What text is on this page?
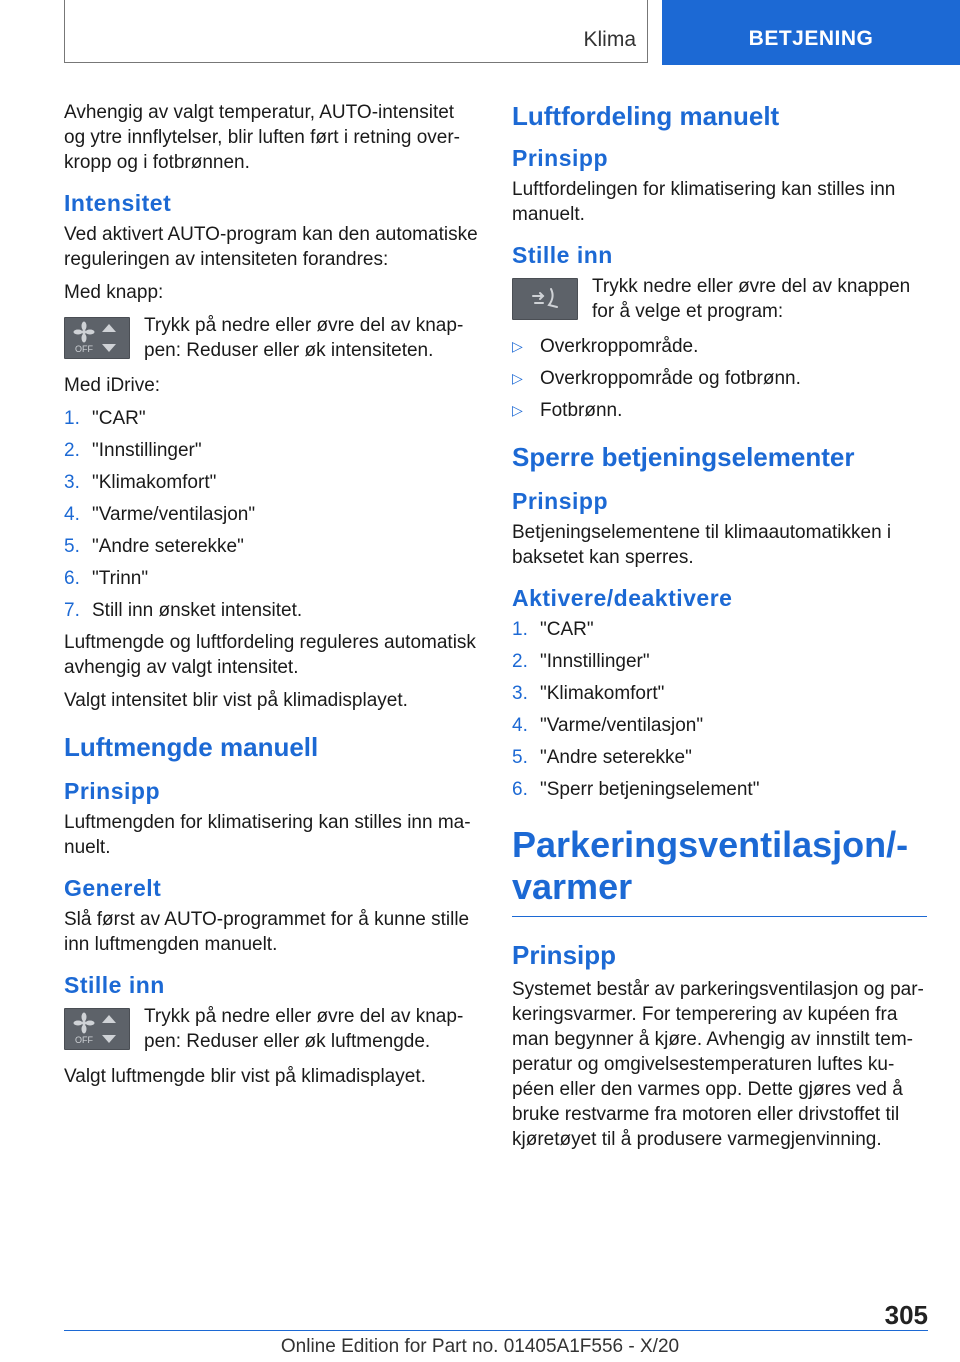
Klima	BETJENING

Avhengig av valgt temperatur, AUTO-intensitet og ytre innflytelser, blir luften ført i retning overkropp og i fotbrønnen.

Intensitet

Ved aktivert AUTO-program kan den automatiske reguleringen av intensiteten forandres:

Med knapp:

OFF
Trykk på nedre eller øvre del av knappen: Reduser eller øk intensiteten.

Med iDrive:

1. "CAR"
2. "Innstillinger"
3. "Klimakomfort"
4. "Varme/ventilasjon"
5. "Andre seterekke"
6. "Trinn"
7. Still inn ønsket intensitet.

Luftmengde og luftfordeling reguleres automatisk avhengig av valgt intensitet.

Valgt intensitet blir vist på klimadisplayet.

Luftmengde manuell
Prinsipp

Luftmengden for klimatisering kan stilles inn manuelt.

Generelt

Slå først av AUTO-programmet for å kunne stille inn luftmengden manuelt.

Stille inn
OFF
Trykk på nedre eller øvre del av knappen: Reduser eller øk luftmengde.

Valgt luftmengde blir vist på klimadisplayet.

Luftfordeling manuelt
Prinsipp

Luftfordelingen for klimatisering kan stilles inn manuelt.

Stille inn
Trykk nedre eller øvre del av knappen for å velge et program:
▷ Overkroppområde.
▷ Overkroppområde og fotbrønn.
▷ Fotbrønn.
Sperre betjeningselementer
Prinsipp

Betjeningselementene til klimaautomatikken i baksetet kan sperres.

Aktivere/deaktivere
1. "CAR"
2. "Innstillinger"
3. "Klimakomfort"
4. "Varme/ventilasjon"
5. "Andre seterekke"
6. "Sperr betjeningselement"
Parkeringsventilasjon/-varmer
Prinsipp

Systemet består av parkeringsventilasjon og parkeringsvarmer. For temperering av kupéen fra man begynner å kjøre. Avhengig av innstilt temperatur og omgivelsestemperaturen luftes kupéen eller den varmes opp. Dette gjøres ved å bruke restvarme fra motoren eller drivstoffet til kjøretøyet til å produsere varmegjenvinning.

305
Online Edition for Part no. 01405A1F556 - X/20
